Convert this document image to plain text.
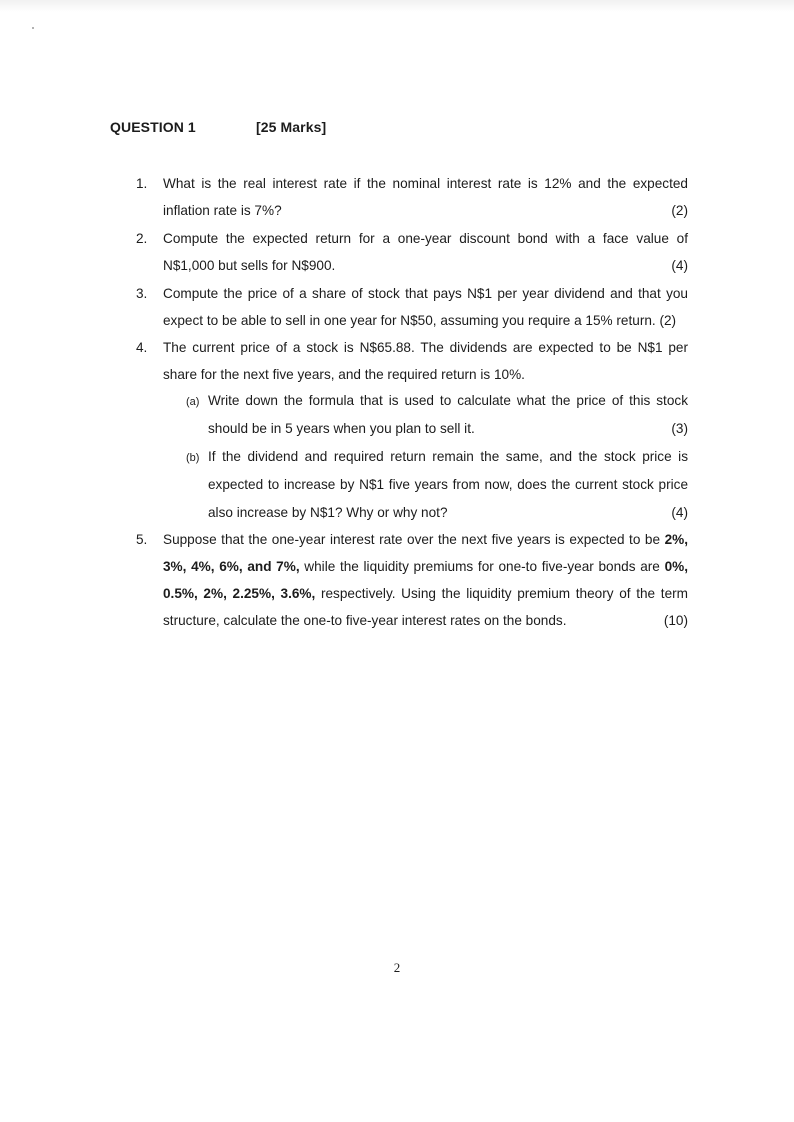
QUESTION 1	[25 Marks]
1.	What is the real interest rate if the nominal interest rate is 12% and the expected inflation rate is 7%?	(2)
2.	Compute the expected return for a one-year discount bond with a face value of N$1,000 but sells for N$900.	(4)
3.	Compute the price of a share of stock that pays N$1 per year dividend and that you expect to be able to sell in one year for N$50, assuming you require a 15% return. (2)
4.	The current price of a stock is N$65.88. The dividends are expected to be N$1 per share for the next five years, and the required return is 10%.
(a) Write down the formula that is used to calculate what the price of this stock should be in 5 years when you plan to sell it.	(3)
(b) If the dividend and required return remain the same, and the stock price is expected to increase by N$1 five years from now, does the current stock price also increase by N$1? Why or why not?	(4)
5.	Suppose that the one-year interest rate over the next five years is expected to be 2%, 3%, 4%, 6%, and 7%, while the liquidity premiums for one-to five-year bonds are 0%, 0.5%, 2%, 2.25%, 3.6%, respectively. Using the liquidity premium theory of the term structure, calculate the one-to five-year interest rates on the bonds.	(10)
2
